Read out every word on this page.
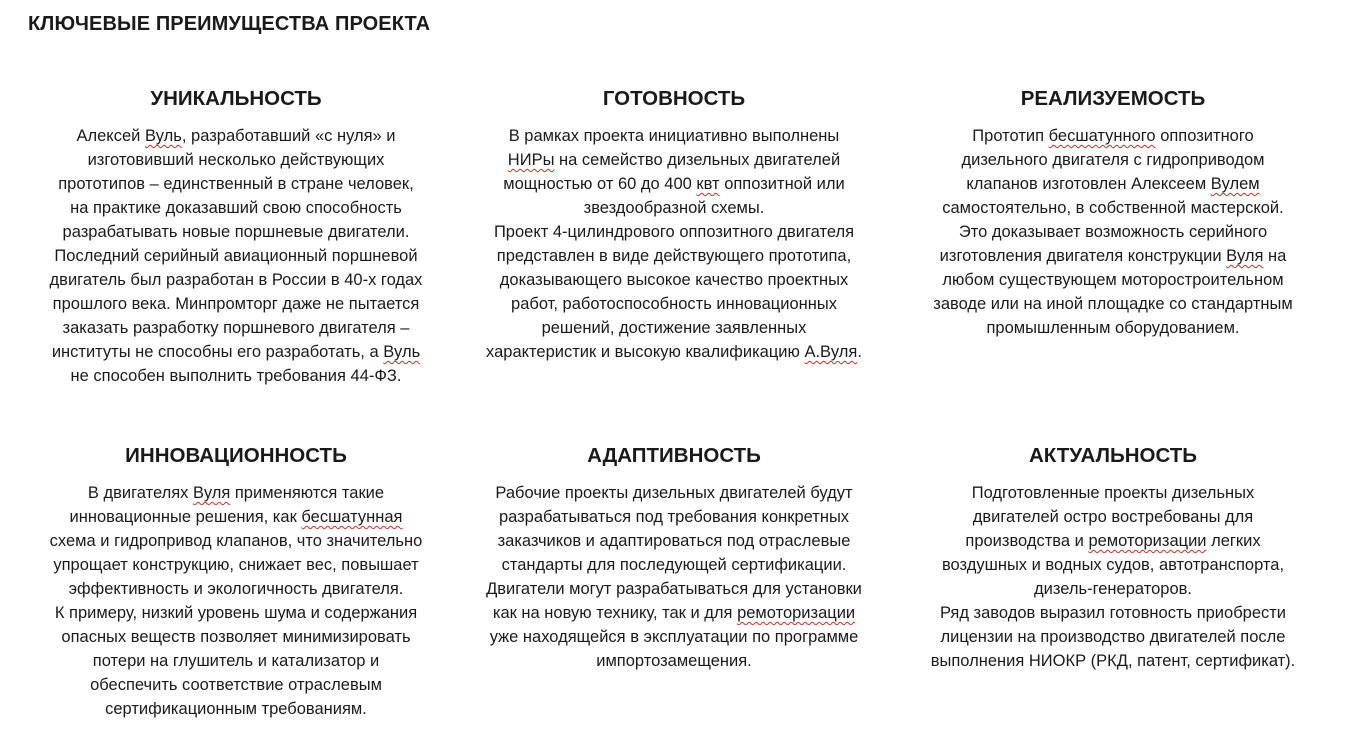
КЛЮЧЕВЫЕ ПРЕИМУЩЕСТВА ПРОЕКТА
УНИКАЛЬНОСТЬ
Алексей Вуль, разработавший «с нуля» и
изготовивший несколько действующих
прототипов – единственный в стране человек,
на практике доказавший свою способность
разрабатывать новые поршневые двигатели.
Последний серийный авиационный поршневой
двигатель был разработан в России в 40-х годах
прошлого века. Минпромторг даже не пытается
заказать разработку поршневого двигателя –
институты не способны его разработать, а Вуль
не способен выполнить требования 44-ФЗ.
ГОТОВНОСТЬ
В рамках проекта инициативно выполнены
НИРы на семейство дизельных двигателей
мощностью от 60 до 400 квт оппозитной или
звездообразной схемы.
Проект 4-цилиндрового оппозитного двигателя
представлен в виде действующего прототипа,
доказывающего высокое качество проектных
работ, работоспособность инновационных
решений, достижение заявленных
характеристик и высокую квалификацию А.Вуля.
РЕАЛИЗУЕМОСТЬ
Прототип бесшатунного оппозитного
дизельного двигателя с гидроприводом
клапанов изготовлен Алексеем Вулем
самостоятельно, в собственной мастерской.
Это доказывает возможность серийного
изготовления двигателя конструкции Вуля на
любом существующем моторостроительном
заводе или на иной площадке со стандартным
промышленным оборудованием.
ИННОВАЦИОННОСТЬ
В двигателях Вуля применяются такие
инновационные решения, как бесшатунная
схема и гидропривод клапанов, что значительно
упрощает конструкцию, снижает вес, повышает
эффективность и экологичность двигателя.
К примеру, низкий уровень шума и содержания
опасных веществ позволяет минимизировать
потери на глушитель и катализатор и
обеспечить соответствие отраслевым
сертификационным требованиям.
АДАПТИВНОСТЬ
Рабочие проекты дизельных двигателей будут
разрабатываться под требования конкретных
заказчиков и адаптироваться под отраслевые
стандарты для последующей сертификации.
Двигатели могут разрабатываться для установки
как на новую технику, так и для ремоторизации
уже находящейся в эксплуатации по программе
импортозамещения.
АКТУАЛЬНОСТЬ
Подготовленные проекты дизельных
двигателей остро востребованы для
производства и ремоторизации легких
воздушных и водных судов, автотранспорта,
дизель-генераторов.
Ряд заводов выразил готовность приобрести
лицензии на производство двигателей после
выполнения НИОКР (РКД, патент, сертификат).
